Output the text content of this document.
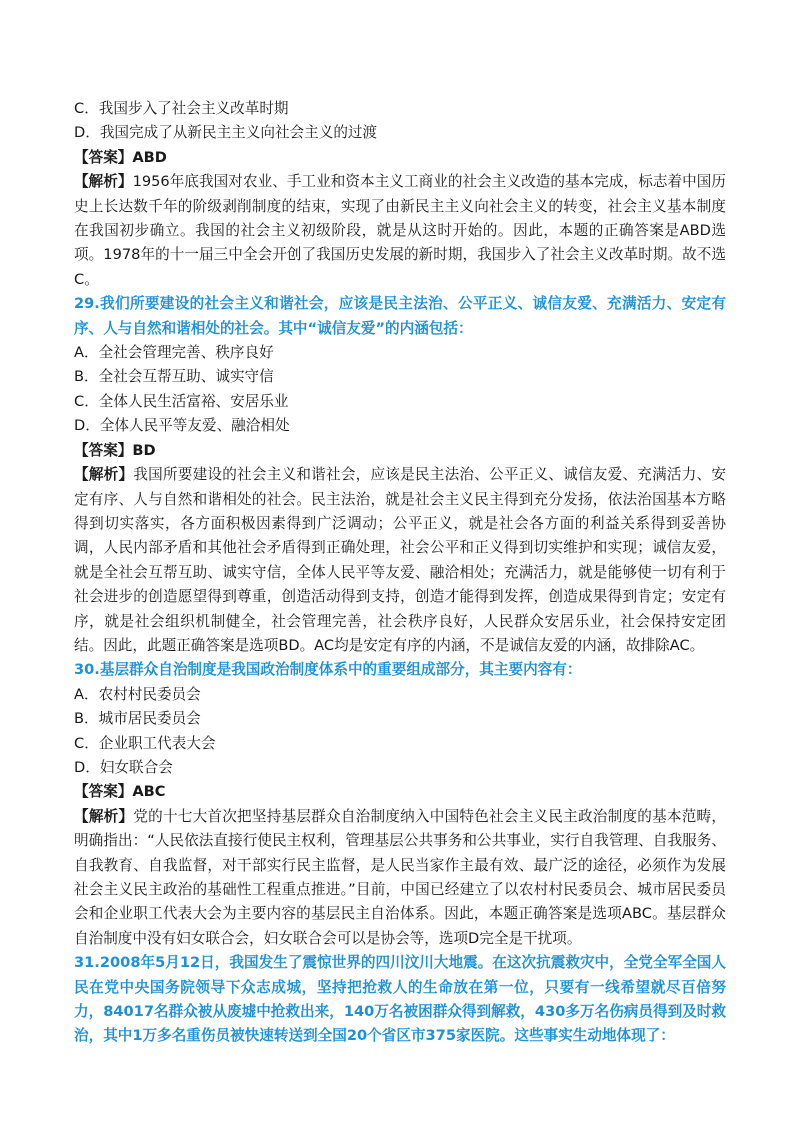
C．我国步入了社会主义改革时期

D．我国完成了从新民主主义向社会主义的过渡

【答案】ABD

【解析】1956年底我国对农业、手工业和资本主义工商业的社会主义改造的基本完成，标志着中国历史上长达数千年的阶级剥削制度的结束，实现了由新民主主义向社会主义的转变，社会主义基本制度在我国初步确立。我国的社会主义初级阶段，就是从这时开始的。因此，本题的正确答案是ABD选项。1978年的十一届三中全会开创了我国历史发展的新时期，我国步入了社会主义改革时期。故不选C。

29.我们所要建设的社会主义和谐社会，应该是民主法治、公平正义、诚信友爱、充满活力、安定有序、人与自然和谐相处的社会。其中“诚信友爱”的内涵包括：

A．全社会管理完善、秩序良好

B．全社会互帮互助、诚实守信

C．全体人民生活富裕、安居乐业

D．全体人民平等友爱、融洽相处

【答案】BD

【解析】我国所要建设的社会主义和谐社会，应该是民主法治、公平正义、诚信友爱、充满活力、安定有序、人与自然和谐相处的社会。民主法治，就是社会主义民主得到充分发扬，依法治国基本方略得到切实落实，各方面积极因素得到广泛调动；公平正义，就是社会各方面的利益关系得到妥善协调，人民内部矛盾和其他社会矛盾得到正确处理，社会公平和正义得到切实维护和实现；诚信友爱，就是全社会互帮互助、诚实守信，全体人民平等友爱、融洽相处；充满活力，就是能够使一切有利于社会进步的创造愿望得到尊重，创造活动得到支持，创造才能得到发挥，创造成果得到肯定；安定有序，就是社会组织机制健全，社会管理完善，社会秩序良好，人民群众安居乐业，社会保持安定团结。因此，此题正确答案是选项BD。AC均是安定有序的内涵，不是诚信友爱的内涵，故排除AC。

30.基层群众自治制度是我国政治制度体系中的重要组成部分，其主要内容有：

A．农村村民委员会

B．城市居民委员会

C．企业职工代表大会

D．妇女联合会

【答案】ABC

【解析】党的十七大首次把坚持基层群众自治制度纳入中国特色社会主义民主政治制度的基本范畴，明确指出：“人民依法直接行使民主权利，管理基层公共事务和公共事业，实行自我管理、自我服务、自我教育、自我监督，对干部实行民主监督，是人民当家作主最有效、最广泛的途径，必须作为发展社会主义民主政治的基础性工程重点推进。”目前，中国已经建立了以农村村民委员会、城市居民委员会和企业职工代表大会为主要内容的基层民主自治体系。因此，本题正确答案是选项ABC。基层群众自治制度中没有妇女联合会，妇女联合会可以是协会等，选项D完全是干扰项。

31.2008年5月12日，我国发生了震惊世界的四川汶川大地震。在这次抗震救灾中，全党全军全国人民在党中央国务院领导下众志成城，坚持把抢救人的生命放在第一位，只要有一线希望就尽百倍努力，84017名群众被从废墟中抢救出来，140万名被困群众得到解救，430多万名伤病员得到及时救治，其中1万多名重伤员被快速转送到全国20个省区市375家医院。这些事实生动地体现了：
